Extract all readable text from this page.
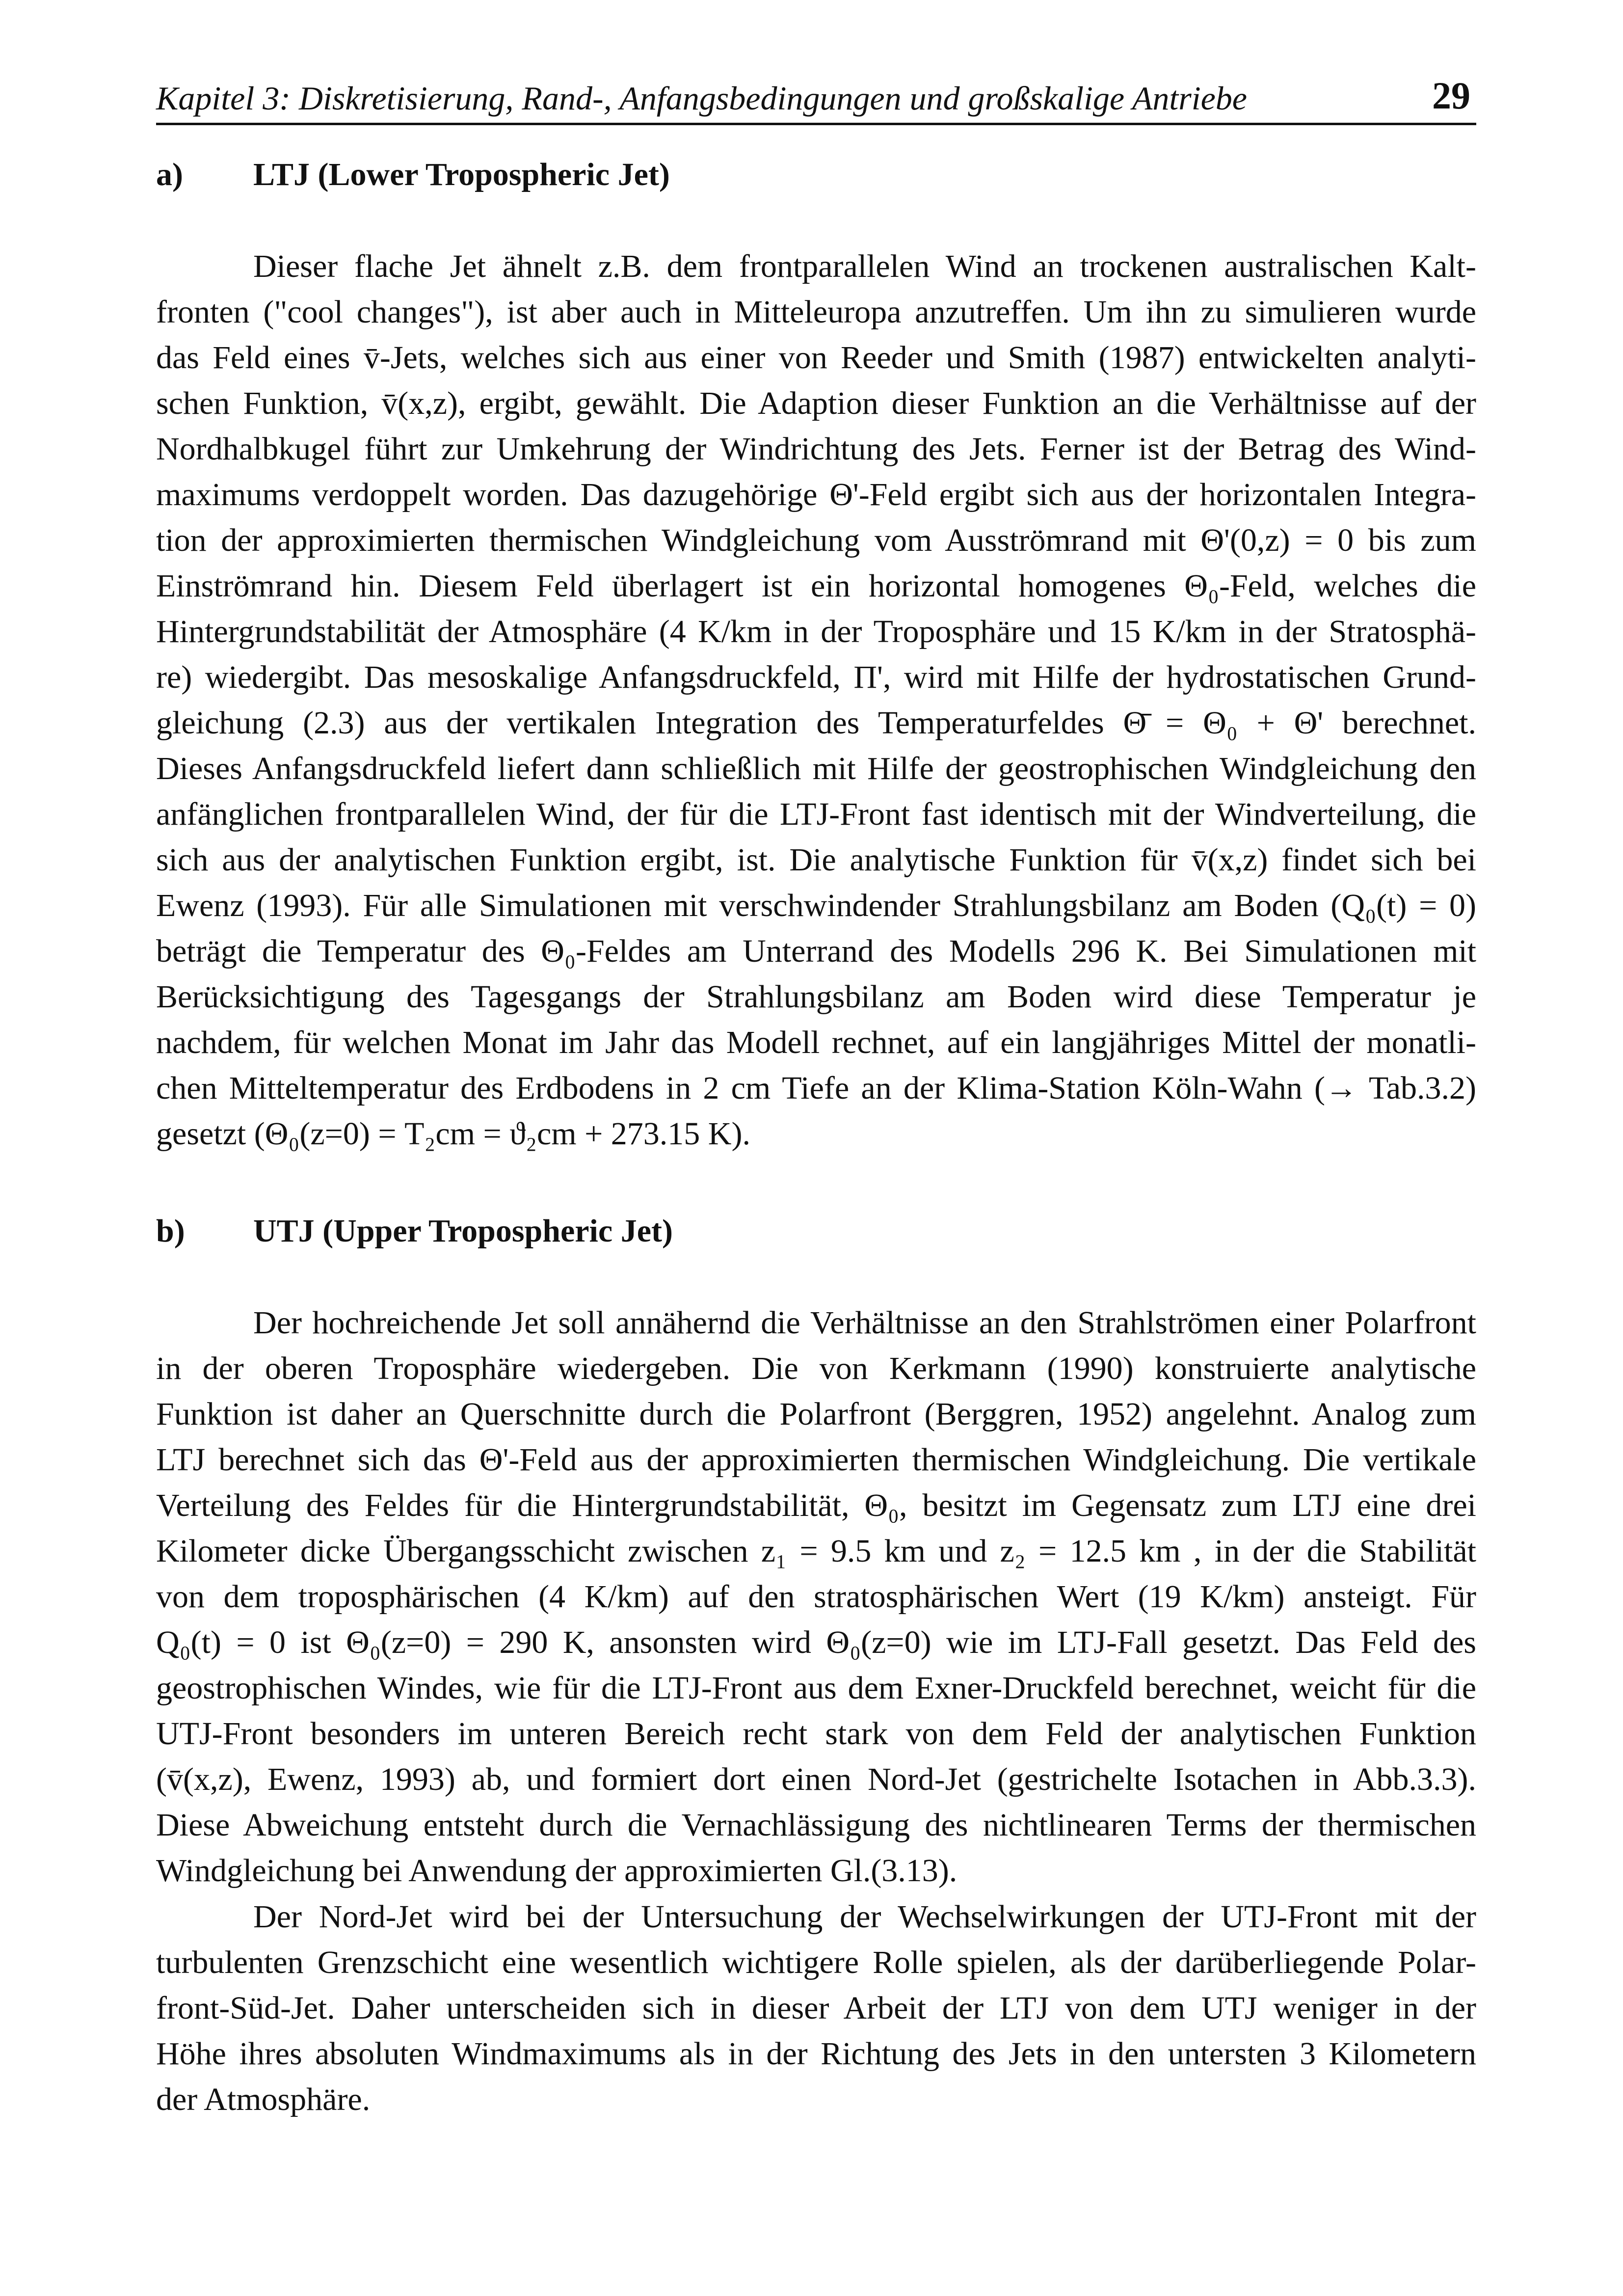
Kapitel 3: Diskretisierung, Rand-, Anfangsbedingungen und großskalige Antriebe	29
a) LTJ (Lower Tropospheric Jet)
Dieser flache Jet ähnelt z.B. dem frontparallelen Wind an trockenen australischen Kalt-
fronten ("cool changes"), ist aber auch in Mitteleuropa anzutreffen. Um ihn zu simulieren wurde
das Feld eines v̄-Jets, welches sich aus einer von Reeder und Smith (1987) entwickelten analyti-
schen Funktion, v̄(x,z), ergibt, gewählt. Die Adaption dieser Funktion an die Verhältnisse auf der
Nordhalbkugel führt zur Umkehrung der Windrichtung des Jets. Ferner ist der Betrag des Wind-
maximums verdoppelt worden. Das dazugehörige Θ'-Feld ergibt sich aus der horizontalen Integra-
tion der approximierten thermischen Windgleichung vom Ausströmrand mit Θ'(0,z) = 0 bis zum
Einströmrand hin. Diesem Feld überlagert ist ein horizontal homogenes Θ₀-Feld, welches die
Hintergrundstabilität der Atmosphäre (4 K/km in der Troposphäre und 15 K/km in der Stratosphä-
re) wiedergibt. Das mesoskalige Anfangsdruckfeld, Π', wird mit Hilfe der hydrostatischen Grund-
gleichung (2.3) aus der vertikalen Integration des Temperaturfeldes Θ̄ = Θ₀ + Θ' berechnet.
Dieses Anfangsdruckfeld liefert dann schließlich mit Hilfe der geostrophischen Windgleichung den
anfänglichen frontparallelen Wind, der für die LTJ-Front fast identisch mit der Windverteilung, die
sich aus der analytischen Funktion ergibt, ist. Die analytische Funktion für v̄(x,z) findet sich bei
Ewenz (1993). Für alle Simulationen mit verschwindender Strahlungsbilanz am Boden (Q₀(t) = 0)
beträgt die Temperatur des Θ₀-Feldes am Unterrand des Modells 296 K. Bei Simulationen mit
Berücksichtigung des Tagesgangs der Strahlungsbilanz am Boden wird diese Temperatur je
nachdem, für welchen Monat im Jahr das Modell rechnet, auf ein langjähriges Mittel der monatli-
chen Mitteltemperatur des Erdbodens in 2 cm Tiefe an der Klima-Station Köln-Wahn (→ Tab.3.2)
gesetzt (Θ₀(z=0) = T₂cm = ϑ₂cm + 273.15 K).
b) UTJ (Upper Tropospheric Jet)
Der hochreichende Jet soll annähernd die Verhältnisse an den Strahlströmen einer Polarfront
in der oberen Troposphäre wiedergeben. Die von Kerkmann (1990) konstruierte analytische
Funktion ist daher an Querschnitte durch die Polarfront (Berggren, 1952) angelehnt. Analog zum
LTJ berechnet sich das Θ'-Feld aus der approximierten thermischen Windgleichung. Die vertikale
Verteilung des Feldes für die Hintergrundstabilität, Θ₀, besitzt im Gegensatz zum LTJ eine drei
Kilometer dicke Übergangsschicht zwischen z₁ = 9.5 km und z₂ = 12.5 km , in der die Stabilität
von dem troposphärischen (4 K/km) auf den stratosphärischen Wert (19 K/km) ansteigt. Für
Q₀(t) = 0 ist Θ₀(z=0) = 290 K, ansonsten wird Θ₀(z=0) wie im LTJ-Fall gesetzt. Das Feld des
geostrophischen Windes, wie für die LTJ-Front aus dem Exner-Druckfeld berechnet, weicht für die
UTJ-Front besonders im unteren Bereich recht stark von dem Feld der analytischen Funktion
(v̄(x,z), Ewenz, 1993) ab, und formiert dort einen Nord-Jet (gestrichelte Isotachen in Abb.3.3).
Diese Abweichung entsteht durch die Vernachlässigung des nichtlinearen Terms der thermischen
Windgleichung bei Anwendung der approximierten Gl.(3.13).
Der Nord-Jet wird bei der Untersuchung der Wechselwirkungen der UTJ-Front mit der
turbulenten Grenzschicht eine wesentlich wichtigere Rolle spielen, als der darüberliegende Polar-
front-Süd-Jet. Daher unterscheiden sich in dieser Arbeit der LTJ von dem UTJ weniger in der
Höhe ihres absoluten Windmaximums als in der Richtung des Jets in den untersten 3 Kilometern
der Atmosphäre.
